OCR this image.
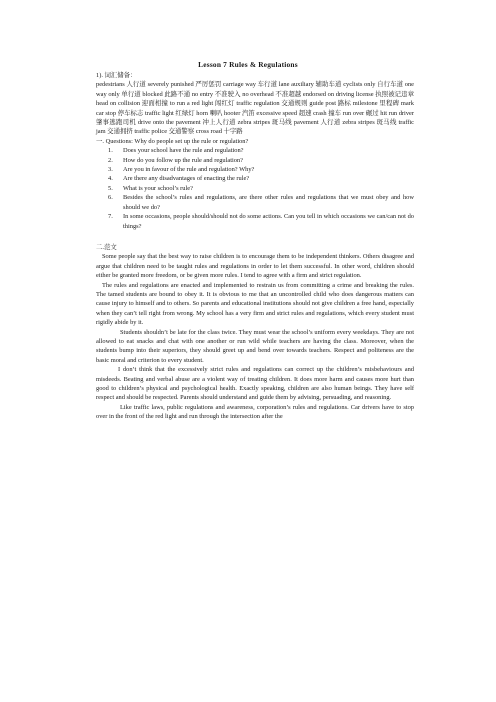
Lesson 7 Rules & Regulations

1). 词汇储备：

pedestrians 人行道 severely punished 严厉惩罚 carriage way 车行道 lane auxiliary 辅助车道 cyclists only 自行车道 one way only 单行道 blocked 此路不通 no entry 不准驶入 no overhead 不准超越 endorsed on driving license 执照被记违章 head on collision 迎面相撞 to run a red light 闯红灯 traffic regulation 交通规则 guide post 路标 milestone 里程碑 mark car stop 停车标志 traffic light 红绿灯 horn 喇叭 hooter 汽笛 excessive speed 超速 crash 撞车 run over 碾过 hit run driver 肇事逃跑司机 drive onto the pavement 冲上人行道 zebra stripes 斑马线 pavement 人行道 zebra stripes 斑马线 traffic jam 交通拥挤 traffic police 交通警察 cross road 十字路

一. Questions: Why do people set up the rule or regulation?

1. Does your school have the rule and regulation?
2. How do you follow up the rule and regulation?
3. Are you in favour of the rule and regulation? Why?
4. Are there any disadvantages of enacting the rule?
5. What is your school’s rule?
6. Besides the school’s rules and regulations, are there other rules and regulations that we must obey and how should we do?
7. In some occasions, people should/should not do some actions. Can you tell in which occasions we can/can not do things?

二.范文

Some people say that the best way to raise children is to encourage them to be independent thinkers. Others disagree and argue that children need to be taught rules and regulations in order to let them successful. In other word, children should either be granted more freedom, or be given more rules. I tend to agree with a firm and strict regulation.

The rules and regulations are enacted and implemented to restrain us from committing a crime and breaking the rules. The tamed students are bound to obey it. It is obvious to me that an uncontrolled child who does dangerous matters can cause injury to himself and to others. So parents and educational institutions should not give children a free hand, especially when they can’t tell right from wrong. My school has a very firm and strict rules and regulations, which every student must rigidly abide by it.

Students shouldn’t be late for the class twice. They must wear the school’s uniform every weekdays. They are not allowed to eat snacks and chat with one another or run wild while teachers are having the class. Moreover, when the students bump into their superiors, they should greet up and bend over towards teachers. Respect and politeness are the basic moral and criterion to every student.

I don’t think that the excessively strict rules and regulations can correct up the children’s misbehaviours and misdeeds. Beating and verbal abuse are a violent way of treating children. It does more harm and causes more hurt than good to children’s physical and psychological health. Exactly speaking, children are also human beings. They have self respect and should be respected. Parents should understand and guide them by advising, persuading, and reasoning.

Like traffic laws, public regulations and awareness, corporation’s rules and regulations. Car drivers have to stop over in the front of the red light and run through the intersection after the
